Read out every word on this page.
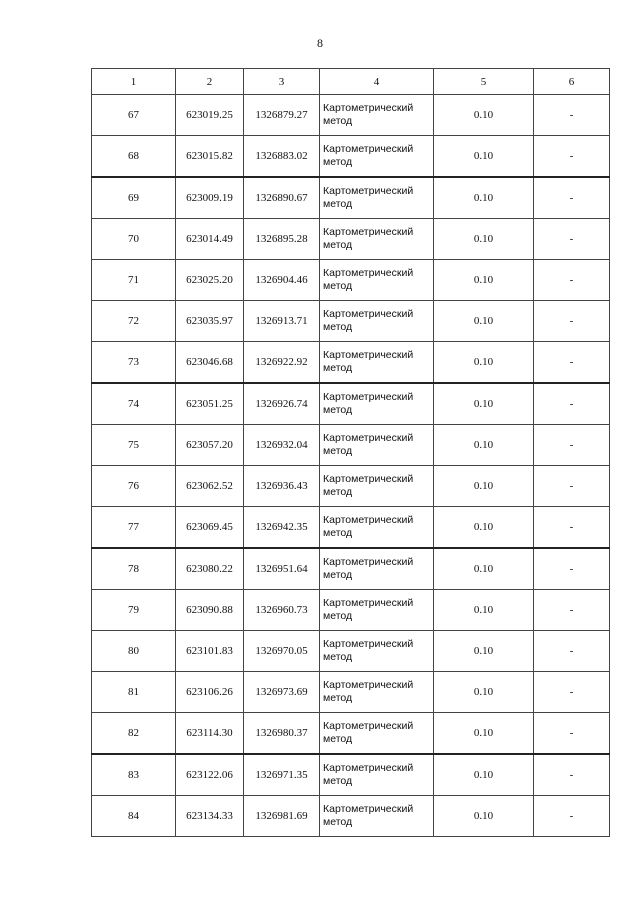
8
1	2	3	4	5	6
67	623019.25	1326879.27	Картометрический метод	0.10	-
68	623015.82	1326883.02	Картометрический метод	0.10	-
69	623009.19	1326890.67	Картометрический метод	0.10	-
70	623014.49	1326895.28	Картометрический метод	0.10	-
71	623025.20	1326904.46	Картометрический метод	0.10	-
72	623035.97	1326913.71	Картометрический метод	0.10	-
73	623046.68	1326922.92	Картометрический метод	0.10	-
74	623051.25	1326926.74	Картометрический метод	0.10	-
75	623057.20	1326932.04	Картометрический метод	0.10	-
76	623062.52	1326936.43	Картометрический метод	0.10	-
77	623069.45	1326942.35	Картометрический метод	0.10	-
78	623080.22	1326951.64	Картометрический метод	0.10	-
79	623090.88	1326960.73	Картометрический метод	0.10	-
80	623101.83	1326970.05	Картометрический метод	0.10	-
81	623106.26	1326973.69	Картометрический метод	0.10	-
82	623114.30	1326980.37	Картометрический метод	0.10	-
83	623122.06	1326971.35	Картометрический метод	0.10	-
84	623134.33	1326981.69	Картометрический метод	0.10	-
